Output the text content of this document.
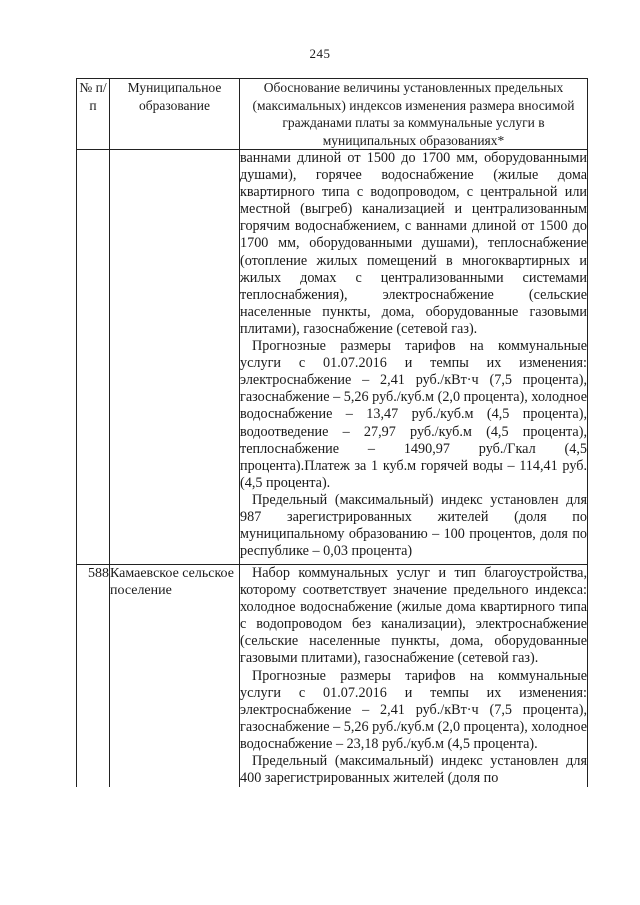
245
№ п/п	Муниципальное образование	Обоснование величины установленных предельных (максимальных) индексов изменения размера вносимой гражданами платы за коммунальные услуги в муниципальных образованиях*

		ваннами длиной от 1500 до 1700 мм, оборудованными душами), горячее водоснабжение (жилые дома квартирного типа с водопроводом, с центральной или местной (выгреб) канализацией и централизованным горячим водоснабжением, с ваннами длиной от 1500 до 1700 мм, оборудованными душами), теплоснабжение (отопление жилых помещений в многоквартирных и жилых домах с централизованными системами теплоснабжения), электроснабжение (сельские населенные пункты, дома, оборудованные газовыми плитами), газоснабжение (сетевой газ).

Прогнозные размеры тарифов на коммунальные услуги с 01.07.2016 и темпы их изменения: электроснабжение – 2,41 руб./кВт·ч (7,5 процента), газоснабжение – 5,26 руб./куб.м (2,0 процента), холодное водоснабжение – 13,47 руб./куб.м (4,5 процента), водоотведение – 27,97 руб./куб.м (4,5 процента), теплоснабжение – 1490,97 руб./Гкал (4,5 процента).Платеж за 1 куб.м горячей воды – 114,41 руб. (4,5 процента).

Предельный (максимальный) индекс установлен для 987 зарегистрированных жителей (доля по муниципальному образованию – 100 процентов, доля по республике – 0,03 процента)

588	Камаевское сельское поселение	Набор коммунальных услуг и тип благоустройства, которому соответствует значение предельного индекса: холодное водоснабжение (жилые дома квартирного типа с водопроводом без канализации), электроснабжение (сельские населенные пункты, дома, оборудованные газовыми плитами), газоснабжение (сетевой газ).

Прогнозные размеры тарифов на коммунальные услуги с 01.07.2016 и темпы их изменения: электроснабжение – 2,41 руб./кВт·ч (7,5 процента), газоснабжение – 5,26 руб./куб.м (2,0 процента), холодное водоснабжение – 23,18 руб./куб.м (4,5 процента).

Предельный (максимальный) индекс установлен для 400 зарегистрированных жителей (доля по
